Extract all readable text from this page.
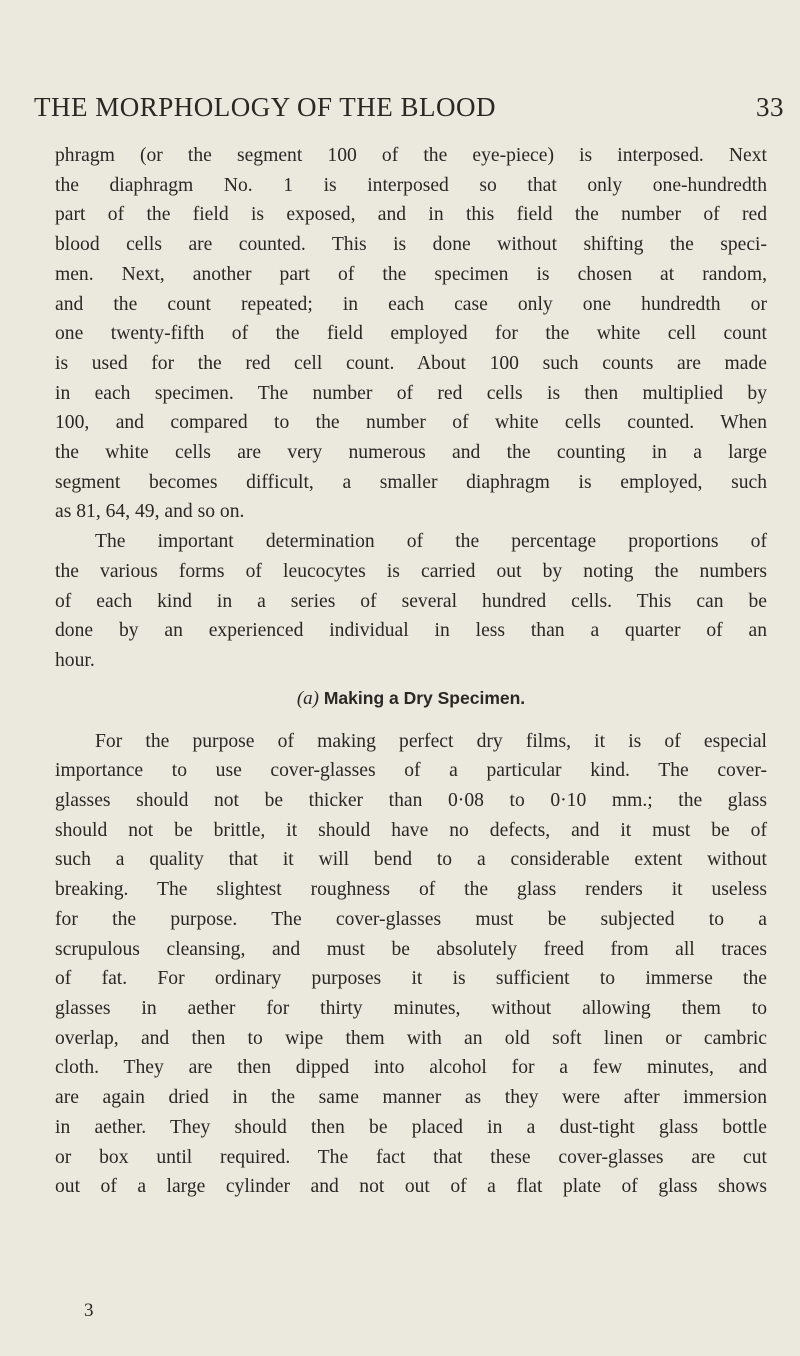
THE MORPHOLOGY OF THE BLOOD	33

phragm (or the segment 100 of the eye-piece) is interposed. Next
the diaphragm No. 1 is interposed so that only one-hundredth
part of the field is exposed, and in this field the number of red
blood cells are counted. This is done without shifting the speci-
men. Next, another part of the specimen is chosen at random,
and the count repeated; in each case only one hundredth or
one twenty-fifth of the field employed for the white cell count
is used for the red cell count. About 100 such counts are made
in each specimen. The number of red cells is then multiplied by
100, and compared to the number of white cells counted. When
the white cells are very numerous and the counting in a large
segment becomes difficult, a smaller diaphragm is employed, such
as 81, 64, 49, and so on.

The important determination of the percentage proportions of
the various forms of leucocytes is carried out by noting the numbers
of each kind in a series of several hundred cells. This can be
done by an experienced individual in less than a quarter of an
hour.

(a) Making a Dry Specimen.

For the purpose of making perfect dry films, it is of especial
importance to use cover-glasses of a particular kind. The cover-
glasses should not be thicker than 0·08 to 0·10 mm.; the glass
should not be brittle, it should have no defects, and it must be of
such a quality that it will bend to a considerable extent without
breaking. The slightest roughness of the glass renders it useless
for the purpose. The cover-glasses must be subjected to a
scrupulous cleansing, and must be absolutely freed from all traces
of fat. For ordinary purposes it is sufficient to immerse the
glasses in aether for thirty minutes, without allowing them to
overlap, and then to wipe them with an old soft linen or cambric
cloth. They are then dipped into alcohol for a few minutes, and
are again dried in the same manner as they were after immersion
in aether. They should then be placed in a dust-tight glass bottle
or box until required. The fact that these cover-glasses are cut
out of a large cylinder and not out of a flat plate of glass shows

3
